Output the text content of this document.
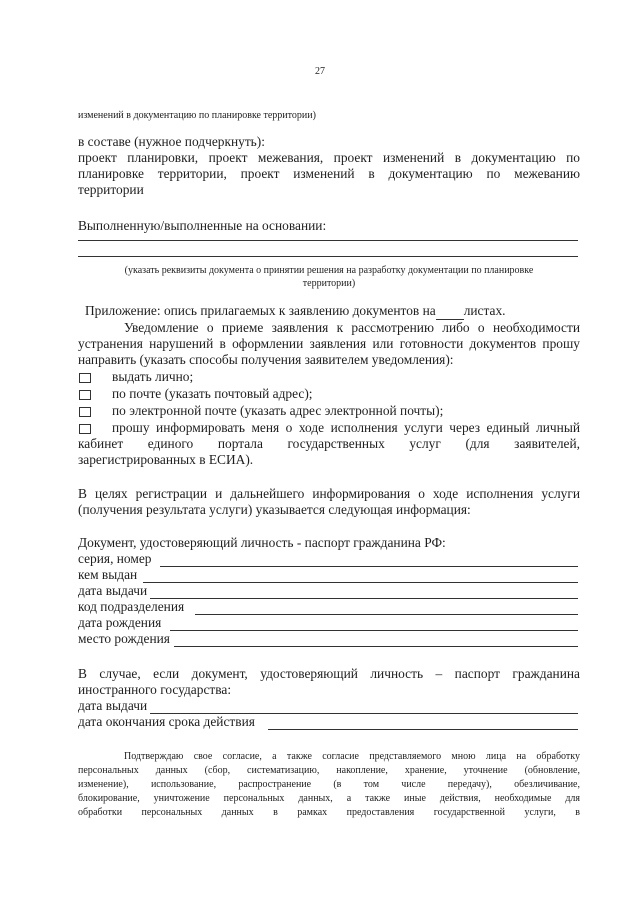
27
изменений в документацию по планировке территории)
в составе (нужное подчеркнуть):
проект планировки, проект межевания, проект изменений в документацию по
планировке территории, проект изменений в документацию по межеванию
территории
Выполненную/выполненные на основании:
(указать реквизиты документа о принятии решения на разработку документации по планировке
территории)
Приложение: опись прилагаемых к заявлению документов на листах.
Уведомление о приеме заявления к рассмотрению либо о необходимости
устранения нарушений в оформлении заявления или готовности документов прошу
направить (указать способы получения заявителем уведомления):
выдать лично;
по почте (указать почтовый адрес);
по электронной почте (указать адрес электронной почты);
прошу информировать меня о ходе исполнения услуги через единый личный
кабинет единого портала государственных услуг (для заявителей,
зарегистрированных в ЕСИА).
В целях регистрации и дальнейшего информирования о ходе исполнения услуги
(получения результата услуги) указывается следующая информация:
Документ, удостоверяющий личность - паспорт гражданина РФ:
серия, номер
кем выдан
дата выдачи
код подразделения
дата рождения
место рождения
В случае, если документ, удостоверяющий личность – паспорт гражданина
иностранного государства:
дата выдачи
дата окончания срока действия
Подтверждаю свое согласие, а также согласие представляемого мною лица на обработку
персональных данных (сбор, систематизацию, накопление, хранение, уточнение (обновление,
изменение), использование, распространение (в том числе передачу), обезличивание,
блокирование, уничтожение персональных данных, а также иные действия, необходимые для
обработки персональных данных в рамках предоставления государственной услуги, в
